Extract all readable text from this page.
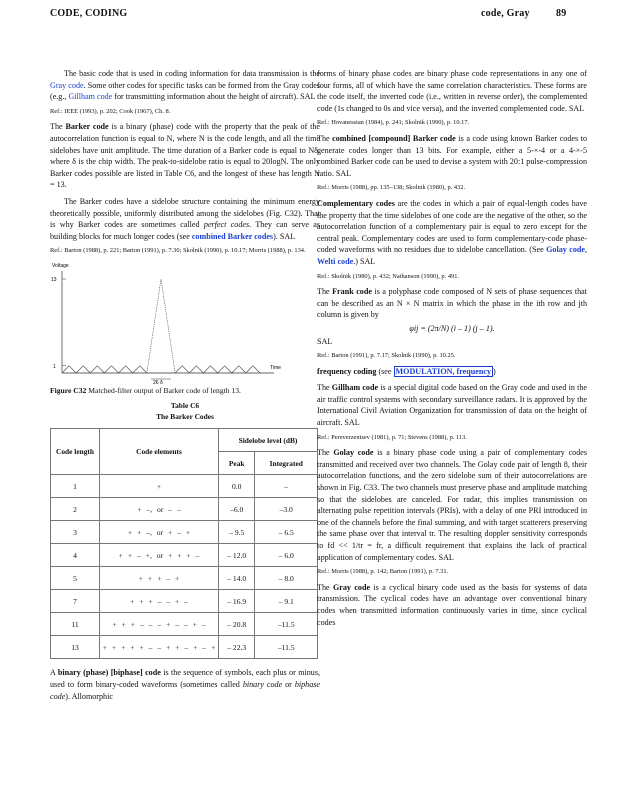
CODE, CODING	code, Gray	89

The basic code that is used in coding information for data transmission is the Gray code. Some other codes for specific tasks can be formed from the Gray codes (e.g., Gillham code for transmitting information about the height of aircraft). SAL

Ref.: IEEE (1993), p. 202; Cook (1967), Ch. 8.

The Barker code is a binary (phase) code with the property that the peak of the autocorrelation function is equal to N, where N is the code length, and all the time sidelobes have unit amplitude. The time duration of a Barker code is equal to Nδ, where δ is the chip width. The peak-to-sidelobe ratio is equal to 20logN. The only Barker codes possible are listed in Table C6, and the longest of these has length N = 13.

The Barker codes have a sidelobe structure containing the minimum energy theoretically possible, uniformly distributed among the sidelobes (Fig. C32). That is why Barker codes are sometimes called perfect codes. They can serve as building blocks for much longer codes (see combined Barker codes). SAL

Ref.: Barton (1988), p. 221; Barton (1991), p. 7.30; Skolnik (1990), p. 10.17; Morris (1988), p. 134.

Voltage
13
1	Time
26 δ

Figure C32 Matched-filter output of Barker code of length 13.

Table C6
The Barker Codes
Code length	Code elements	Sidelobe level (dB)	
		Peak	Integrated
1	+	0.0	–
2	+ –, or – –	–6.0	–3.0
3	+ + –, or + – +	– 9.5	– 6.5
4	+ + – +, or + + + –	– 12.0	– 6.0
5	+ + + – +	– 14.0	– 8.0
7	+ + + – – + –	– 16.9	– 9.1
11	+ + + – – – + – – + –	– 20.8	–11.5
13	+ + + + + – – + + – + – +	– 22.3	–11.5

A binary (phase) [biphase] code is the sequence of symbols, each plus or minus, used to form binary-coded waveforms (sometimes called binary code or biphase code). Allomorphic

forms of binary phase codes are binary phase code representations in any one of four forms, all of which have the same correlation characteristics. These forms are the code itself, the inverted code (i.e., written in reverse order), the complemented code (1s changed to 0s and vice versa), and the inverted complemented code. SAL

Ref.: Hovanessian (1984), p. 241; Skolnik (1990), p. 10.17.

The combined [compound] Barker code is a code using known Barker codes to generate codes longer than 13 bits. For example, either a 5-×-4 or a 4-×-5 combined Barker code can be used to devise a system with 20:1 pulse-compression ratio. SAL

Ref.: Morris (1988), pp. 135–138; Skolnik (1980), p. 432.

Complementary codes are the codes in which a pair of equal-length codes have the property that the time sidelobes of one code are the negative of the other, so the autocorrelation function of a complementary pair is equal to zero except for the central peak. Complementary codes are used to form complementary-code phase-coded waveforms with no residues due to sidelobe cancellation. (See Golay code, Welti code.) SAL

Ref.: Skolnik (1980), p. 432; Nathanson (1990), p. 491.

The Frank code is a polyphase code composed of N sets of phase sequences that can be described as an N × N matrix in which the phase in the ith row and jth column is given by

φij = (2π/N) (i – 1) (j – 1).

SAL

Ref.: Barton (1991), p. 7.17; Skolnik (1990), p. 10.25.

frequency coding (see MODULATION, frequency )

The Gillham code is a special digital code based on the Gray code and used in the air traffic control systems with secondary surveillance radars. It is approved by the International Civil Aviation Organization for transmission of data on the height of aircraft. SAL

Ref.: Pereverzentsev (1981), p. 71; Stevens (1988), p. 113.

The Golay code is a binary phase code using a pair of complementary codes transmitted and received over two channels. The Golay code pair of length 8, their autocorrelation functions, and the zero sidelobe sum of their autocorrelations are shown in Fig. C33. The two channels must preserve phase and amplitude matching so that the sidelobes are canceled. For radar, this implies transmission on alternating pulse repetition intervals (PRIs), with a delay of one PRI introduced in one of the channels before the final summing, and with target scatterers preserving the same phase over that interval tr. The resulting doppler sensitivity corresponds to fd << 1/tr = fr, a difficult requirement that explains the lack of practical application of complementary codes. SAL

Ref.: Morris (1988), p. 142; Barton (1991), p. 7.31.

The Gray code is a cyclical binary code used as the basis for systems of data transmission. The cyclical codes have an advantage over conventional binary codes when transmitted information continuously varies in time, since cyclical codes
